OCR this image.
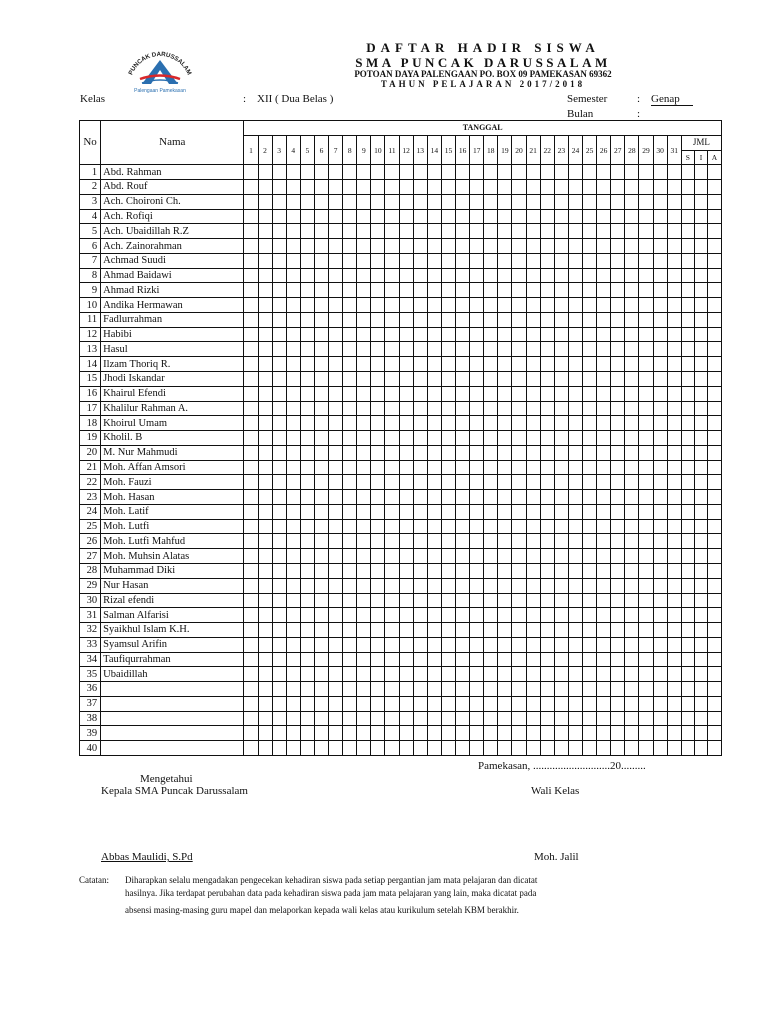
PUNCAK DARUSSALAM
Palengaan Pamekasan
DAFTAR HADIR SISWA
SMA PUNCAK DARUSSALAM
POTOAN DAYA PALENGAAN PO. BOX 09 PAMEKASAN 69362
TAHUN PELAJARAN 2017/2018
Kelas	: XII ( Dua Belas )	Semester	: Genap
Bulan	:
No	Nama	TANGGAL																																	
		1	2	3	4	5	6	7	8	9	10	11	12	13	14	15	16	17	18	19	20	21	22	23	24	25	26	27	28	29	30	31	JML		
																																	S	I	A
1	Abd. Rahman																																		
2	Abd. Rouf																																		
3	Ach. Choironi Ch.																																		
4	Ach. Rofiqi																																		
5	Ach. Ubaidillah R.Z																																		
6	Ach. Zainorahman																																		
7	Achmad Suudi																																		
8	Ahmad Baidawi																																		
9	Ahmad Rizki																																		
10	Andika Hermawan																																		
11	Fadlurrahman																																		
12	Habibi																																		
13	Hasul																																		
14	Ilzam Thoriq R.																																		
15	Jhodi Iskandar																																		
16	Khairul Efendi																																		
17	Khalilur Rahman A.																																		
18	Khoirul Umam																																		
19	Kholil. B																																		
20	M. Nur Mahmudi																																		
21	Moh. Affan Amsori																																		
22	Moh. Fauzi																																		
23	Moh. Hasan																																		
24	Moh. Latif																																		
25	Moh. Lutfi																																		
26	Moh. Lutfi Mahfud																																		
27	Moh. Muhsin Alatas																																		
28	Muhammad Diki																																		
29	Nur Hasan																																		
30	Rizal efendi																																		
31	Salman Alfarisi																																		
32	Syaikhul Islam K.H.																																		
33	Syamsul Arifin																																		
34	Taufiqurrahman																																		
35	Ubaidillah																																		
36																																			
37																																			
38																																			
39																																			
40																																			
Pamekasan, ............................20.........
Mengetahui
Kepala SMA Puncak Darussalam	Wali Kelas
Abbas Maulidi, S.Pd	Moh. Jalil
Catatan: Diharapkan selalu mengadakan pengecekan kehadiran siswa pada setiap pergantian jam mata pelajaran dan dicatat
hasilnya. Jika terdapat perubahan data pada kehadiran siswa pada jam mata pelajaran yang lain, maka dicatat pada
absensi masing-masing guru mapel dan melaporkan kepada wali kelas atau kurikulum setelah KBM berakhir.
